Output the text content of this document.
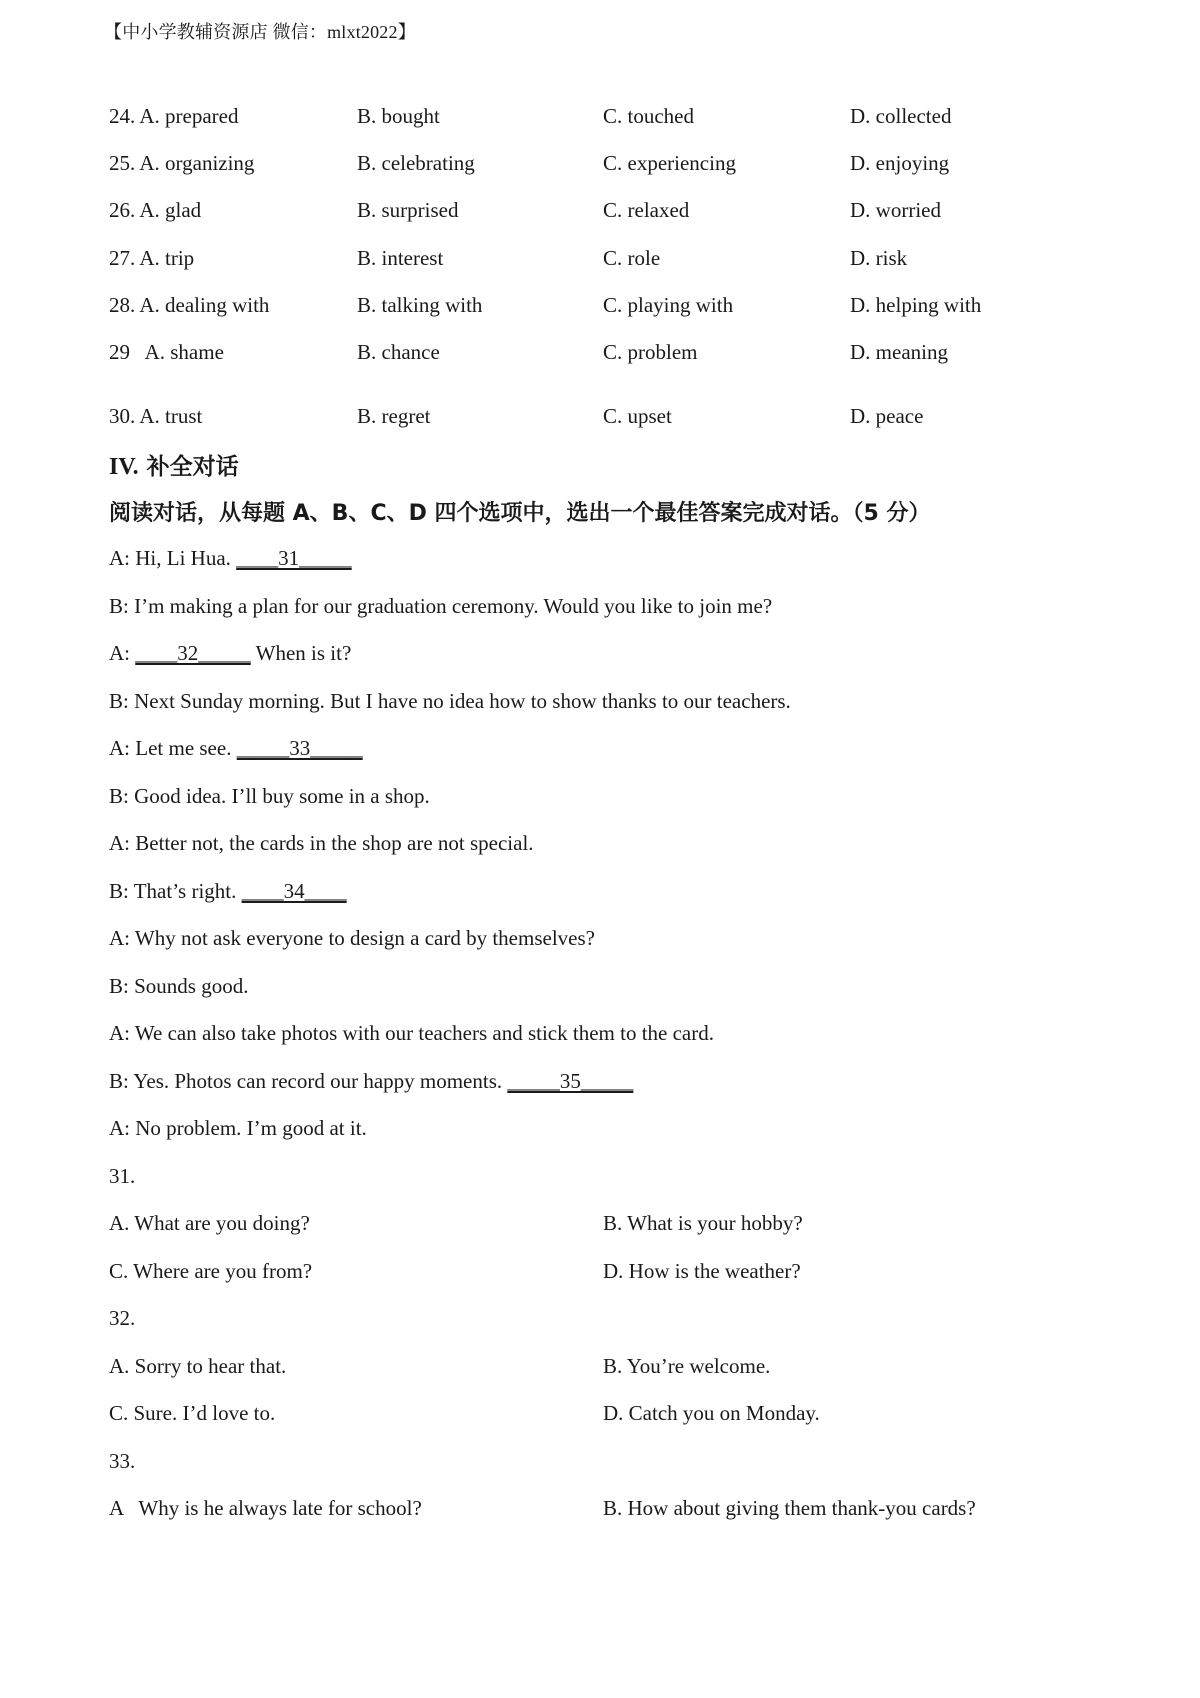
【中小学教辅资源店 微信：mlxt2022】
24. A. prepared	B. bought	C. touched	D. collected
25. A. organizing	B. celebrating	C. experiencing	D. enjoying
26. A. glad	B. surprised	C. relaxed	D. worried
27. A. trip	B. interest	C. role	D. risk
28. A. dealing with	B. talking with	C. playing with	D. helping with
29   A. shame	B. chance	C. problem	D. meaning
30. A. trust	B. regret	C. upset	D. peace
IV. 补全对话
阅读对话，从每题 A、B、C、D 四个选项中，选出一个最佳答案完成对话。（5 分）
A: Hi, Li Hua. ____31_____
B: I’m making a plan for our graduation ceremony. Would you like to join me?
A: ____32_____ When is it?
B: Next Sunday morning. But I have no idea how to show thanks to our teachers.
A: Let me see. _____33_____
B: Good idea. I’ll buy some in a shop.
A: Better not, the cards in the shop are not special.
B: That’s right. ____34____
A: Why not ask everyone to design a card by themselves?
B: Sounds good.
A: We can also take photos with our teachers and stick them to the card.
B: Yes. Photos can record our happy moments. _____35_____
A: No problem. I’m good at it.
31.
A. What are you doing?	B. What is your hobby?
C. Where are you from?	D. How is the weather?
32.
A. Sorry to hear that.	B. You’re welcome.
C. Sure. I’d love to.	D. Catch you on Monday.
33.
A   Why is he always late for school?	B. How about giving them thank-you cards?
